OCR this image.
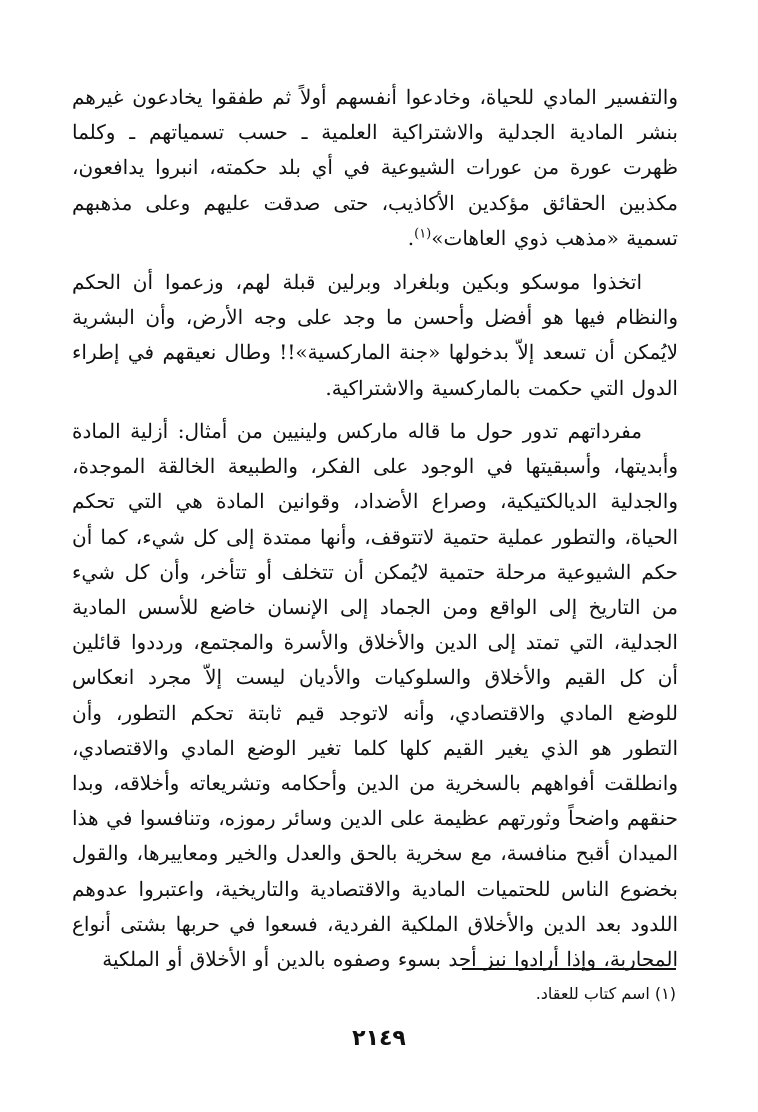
والتفسير المادي للحياة، وخادعوا أنفسهم أولاً ثم طفقوا يخادعون غيرهم بنشر المادية الجدلية والاشتراكية العلمية ـ حسب تسمياتهم ـ وكلما ظهرت عورة من عورات الشيوعية في أي بلد حكمته، انبروا يدافعون، مكذبين الحقائق مؤكدين الأكاذيب، حتى صدقت عليهم وعلى مذهبهم تسمية «مذهب ذوي العاهات»$^{(١)}$.

اتخذوا موسكو وبكين وبلغراد وبرلين قبلة لهم، وزعموا أن الحكم والنظام فيها هو أفضل وأحسن ما وجد على وجه الأرض، وأن البشرية لايُمكن أن تسعد إلاّ بدخولها «جنة الماركسية»!! وطال نعيقهم في إطراء الدول التي حكمت بالماركسية والاشتراكية.

مفرداتهم تدور حول ما قاله ماركس ولينيين من أمثال: أزلية المادة وأبديتها، وأسبقيتها في الوجود على الفكر، والطبيعة الخالقة الموجدة، والجدلية الديالكتيكية، وصراع الأضداد، وقوانين المادة هي التي تحكم الحياة، والتطور عملية حتمية لاتتوقف، وأنها ممتدة إلى كل شيء، كما أن حكم الشيوعية مرحلة حتمية لايُمكن أن تتخلف أو تتأخر، وأن كل شيء من التاريخ إلى الواقع ومن الجماد إلى الإنسان خاضع للأسس المادية الجدلية، التي تمتد إلى الدين والأخلاق والأسرة والمجتمع، ورددوا قائلين أن كل القيم والأخلاق والسلوكيات والأديان ليست إلاّ مجرد انعكاس للوضع المادي والاقتصادي، وأنه لاتوجد قيم ثابتة تحكم التطور، وأن التطور هو الذي يغير القيم كلها كلما تغير الوضع المادي والاقتصادي، وانطلقت أفواههم بالسخرية من الدين وأحكامه وتشريعاته وأخلاقه، وبدا حنقهم واضحاً وثورتهم عظيمة على الدين وسائر رموزه، وتنافسوا في هذا الميدان أقبح منافسة، مع سخرية بالحق والعدل والخير ومعاييرها، والقول بخضوع الناس للحتميات المادية والاقتصادية والتاريخية، واعتبروا عدوهم اللدود بعد الدين والأخلاق الملكية الفردية، فسعوا في حربها بشتى أنواع المحاربة، وإذا أرادوا نبز أحد بسوء وصفوه بالدين أو الأخلاق أو الملكية

(١) اسم كتاب للعقاد.
٢١٤٩
